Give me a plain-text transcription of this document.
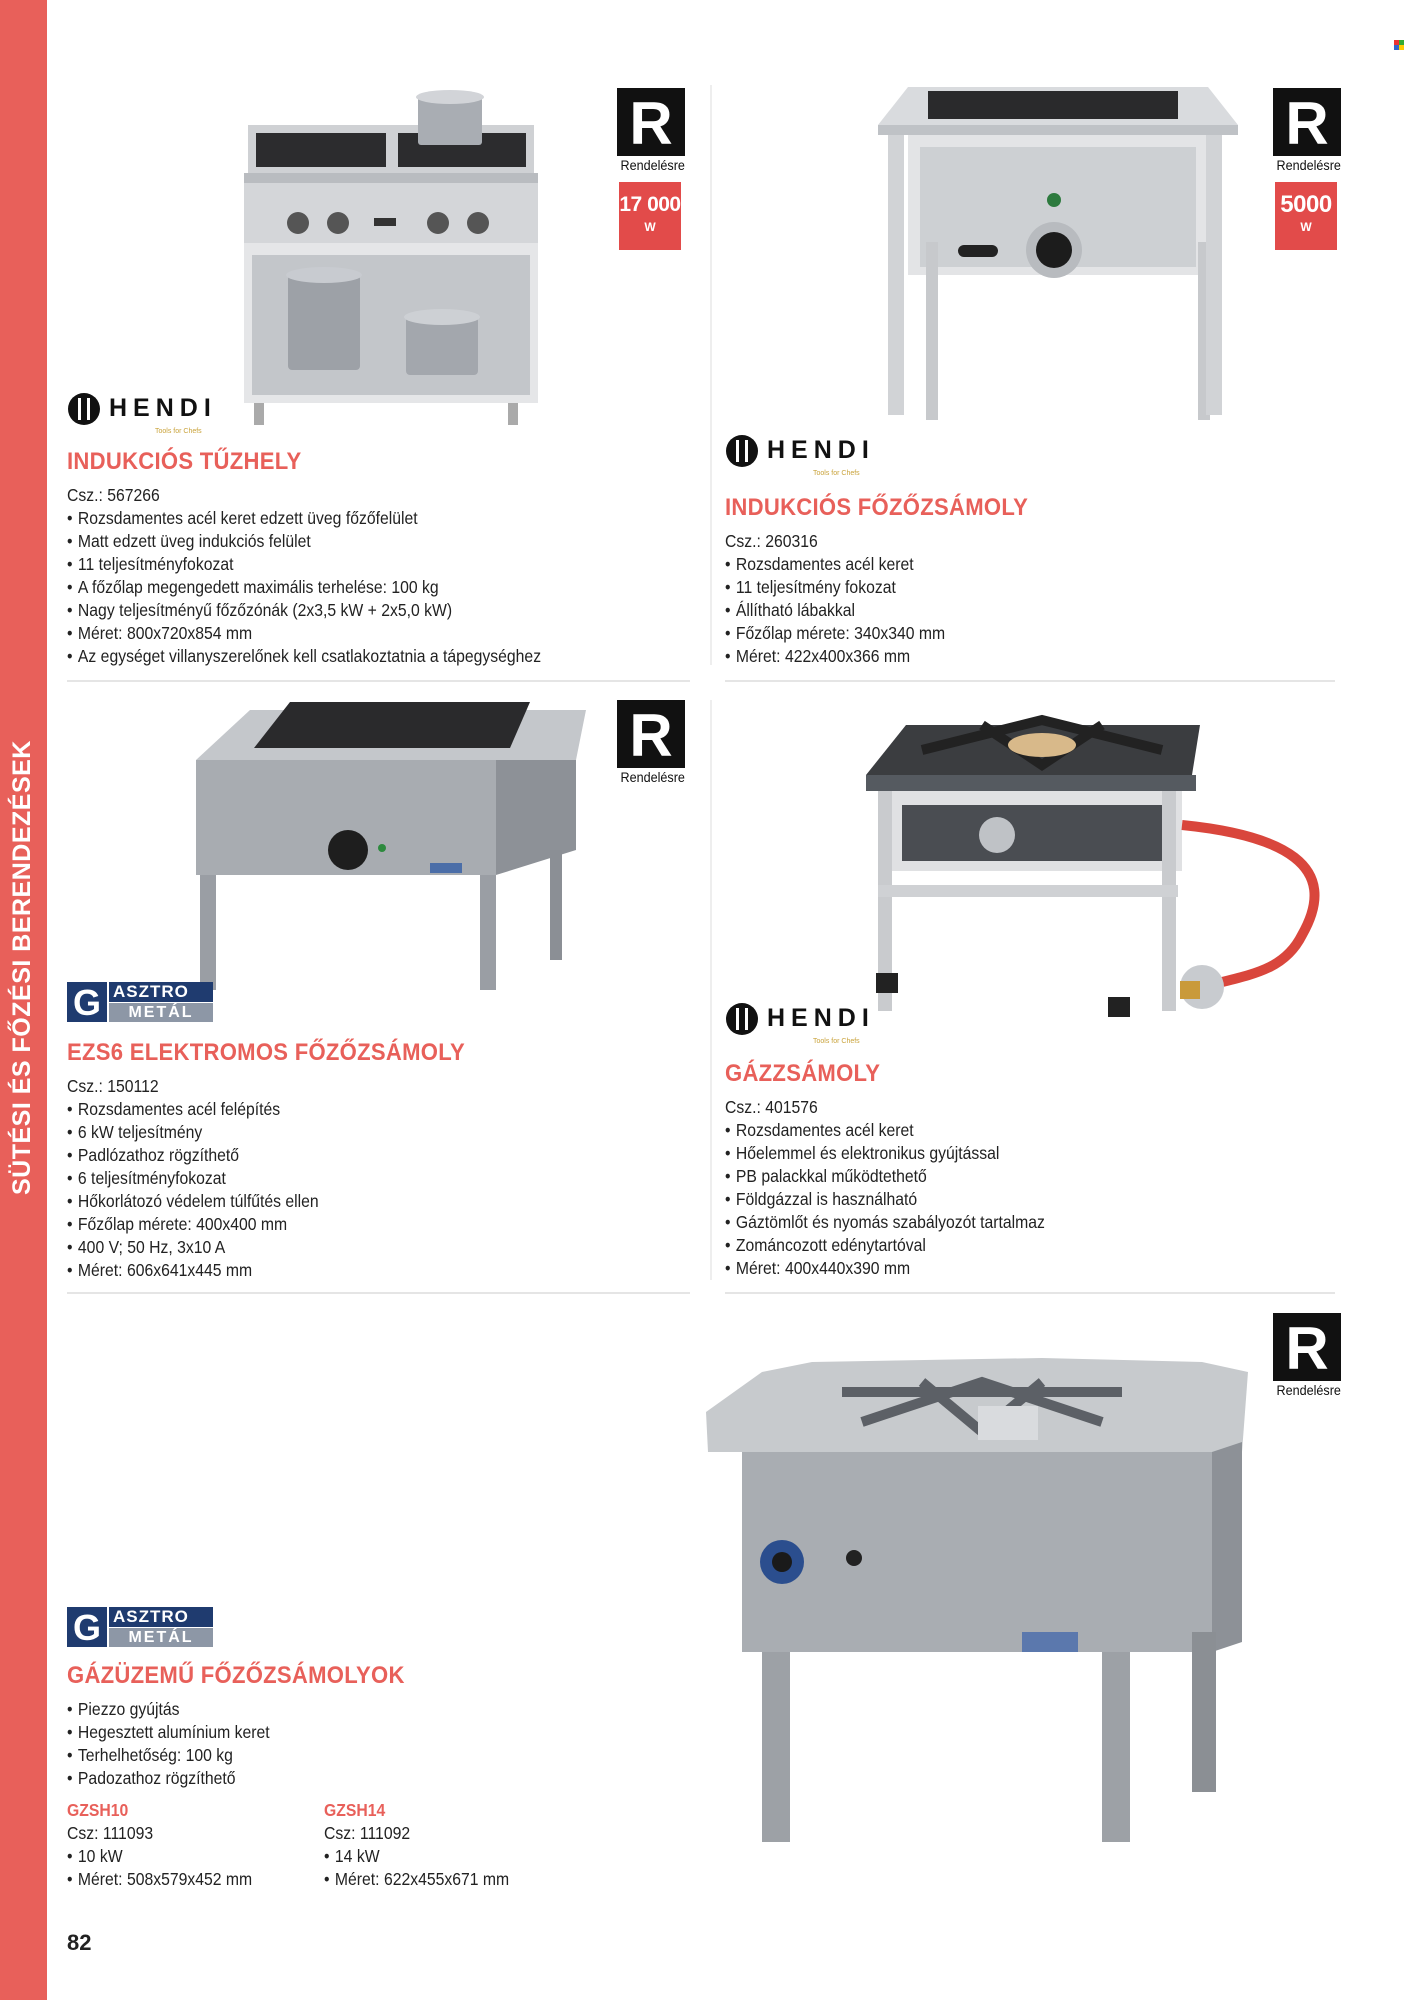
SÜTÉSI ÉS FŐZÉSI BERENDEZÉSEK
R
Rendelésre
17 000
W
HENDI
Tools for Chefs
INDUKCIÓS TŰZHELY
Csz.: 567266
• Rozsdamentes acél keret edzett üveg főzőfelület
• Matt edzett üveg indukciós felület
• 11 teljesítményfokozat
• A főzőlap megengedett maximális terhelése: 100 kg
• Nagy teljesítményű főzőzónák (2x3,5 kW + 2x5,0 kW)
• Méret: 800x720x854 mm
• Az egységet villanyszerelőnek kell csatlakoztatnia a tápegységhez
R
Rendelésre
5000
W
HENDI
Tools for Chefs
INDUKCIÓS FŐZŐZSÁMOLY
Csz.: 260316
• Rozsdamentes acél keret
• 11 teljesítmény fokozat
• Állítható lábakkal
• Főzőlap mérete: 340x340 mm
• Méret: 422x400x366 mm
R
Rendelésre
G ASZTRO
METÁL
EZS6 ELEKTROMOS FŐZŐZSÁMOLY
Csz.: 150112
• Rozsdamentes acél felépítés
• 6 kW teljesítmény
• Padlózathoz rögzíthető
• 6 teljesítményfokozat
• Hőkorlátozó védelem túlfűtés ellen
• Főzőlap mérete: 400x400 mm
• 400 V; 50 Hz, 3x10 A
• Méret: 606x641x445 mm
HENDI
Tools for Chefs
GÁZZSÁMOLY
Csz.: 401576
• Rozsdamentes acél keret
• Hőelemmel és elektronikus gyújtással
• PB palackkal működtethető
• Földgázzal is használható
• Gáztömlőt és nyomás szabályozót tartalmaz
• Zománcozott edénytartóval
• Méret: 400x440x390 mm
R
Rendelésre
G ASZTRO
METÁL
GÁZÜZEMŰ FŐZŐZSÁMOLYOK
• Piezzo gyújtás
• Hegesztett alumínium keret
• Terhelhetőség: 100 kg
• Padozathoz rögzíthető
GZSH10
Csz: 111093
• 10 kW
• Méret: 508x579x452 mm
GZSH14
Csz: 111092
• 14 kW
• Méret: 622x455x671 mm
82
